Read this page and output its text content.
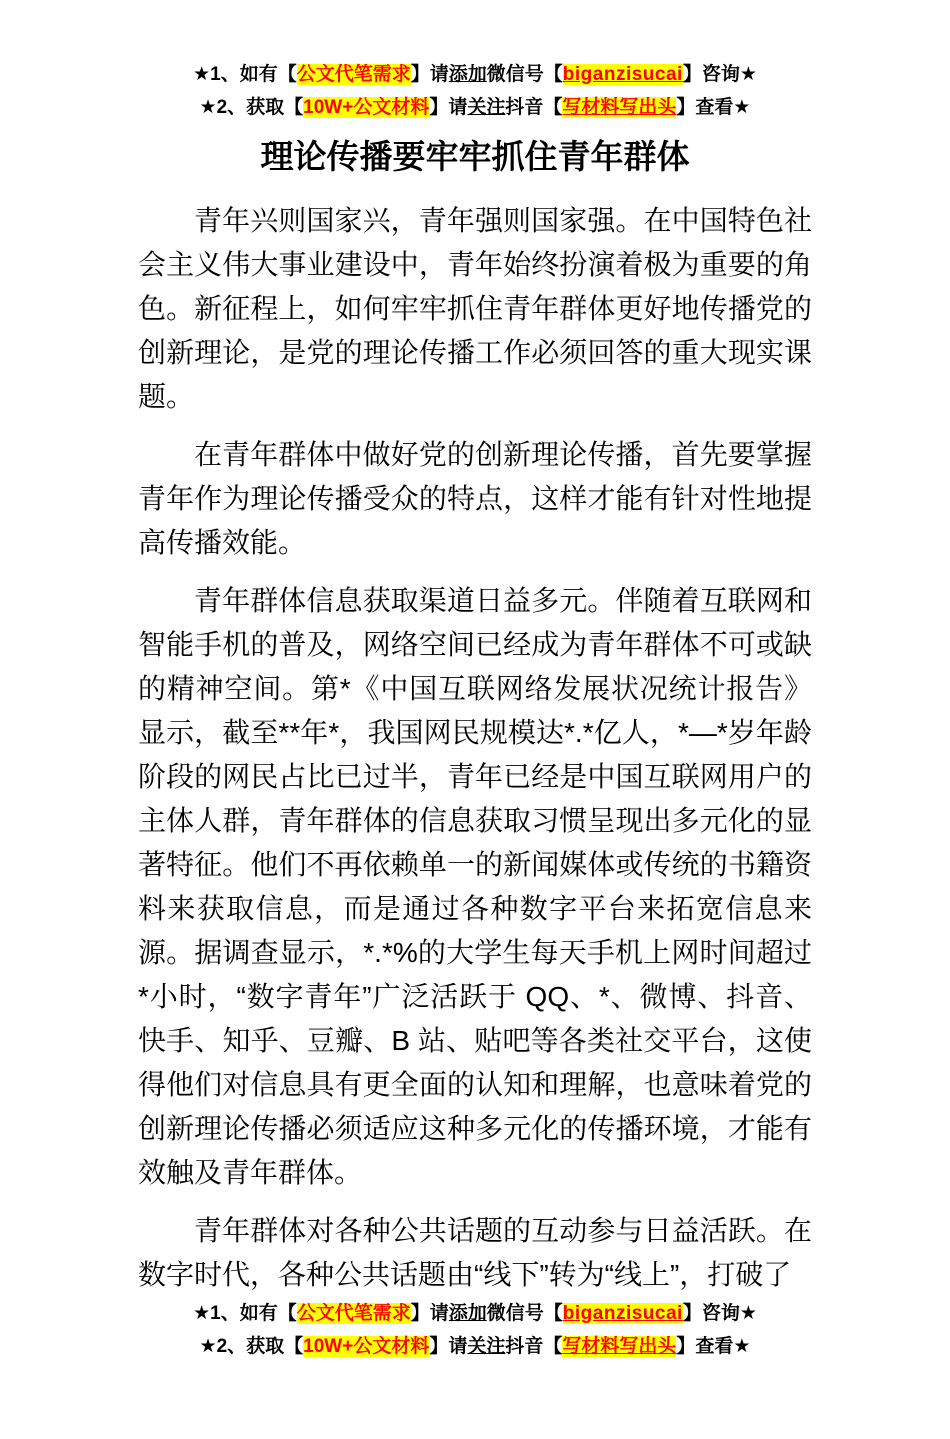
★1、如有【公文代笔需求】请添加微信号【biganzisucai】咨询★
★2、获取【10W+公文材料】请关注抖音【写材料写出头】查看★
理论传播要牢牢抓住青年群体

青年兴则国家兴，青年强则国家强。在中国特色社会主义伟大事业建设中，青年始终扮演着极为重要的角色。新征程上，如何牢牢抓住青年群体更好地传播党的创新理论，是党的理论传播工作必须回答的重大现实课题。

在青年群体中做好党的创新理论传播，首先要掌握青年作为理论传播受众的特点，这样才能有针对性地提高传播效能。

青年群体信息获取渠道日益多元。伴随着互联网和智能手机的普及，网络空间已经成为青年群体不可或缺的精神空间。第*《中国互联网络发展状况统计报告》显示，截至**年*，我国网民规模达*.*亿人，*—*岁年龄阶段的网民占比已过半，青年已经是中国互联网用户的主体人群，青年群体的信息获取习惯呈现出多元化的显著特征。他们不再依赖单一的新闻媒体或传统的书籍资料来获取信息，而是通过各种数字平台来拓宽信息来源。据调查显示，*.*%的大学生每天手机上网时间超过*小时，“数字青年”广泛活跃于 QQ、*、微博、抖音、快手、知乎、豆瓣、B 站、贴吧等各类社交平台，这使得他们对信息具有更全面的认知和理解，也意味着党的创新理论传播必须适应这种多元化的传播环境，才能有效触及青年群体。

青年群体对各种公共话题的互动参与日益活跃。在数字时代，各种公共话题由“线下”转为“线上”，打破了

★1、如有【公文代笔需求】请添加微信号【biganzisucai】咨询★
★2、获取【10W+公文材料】请关注抖音【写材料写出头】查看★
